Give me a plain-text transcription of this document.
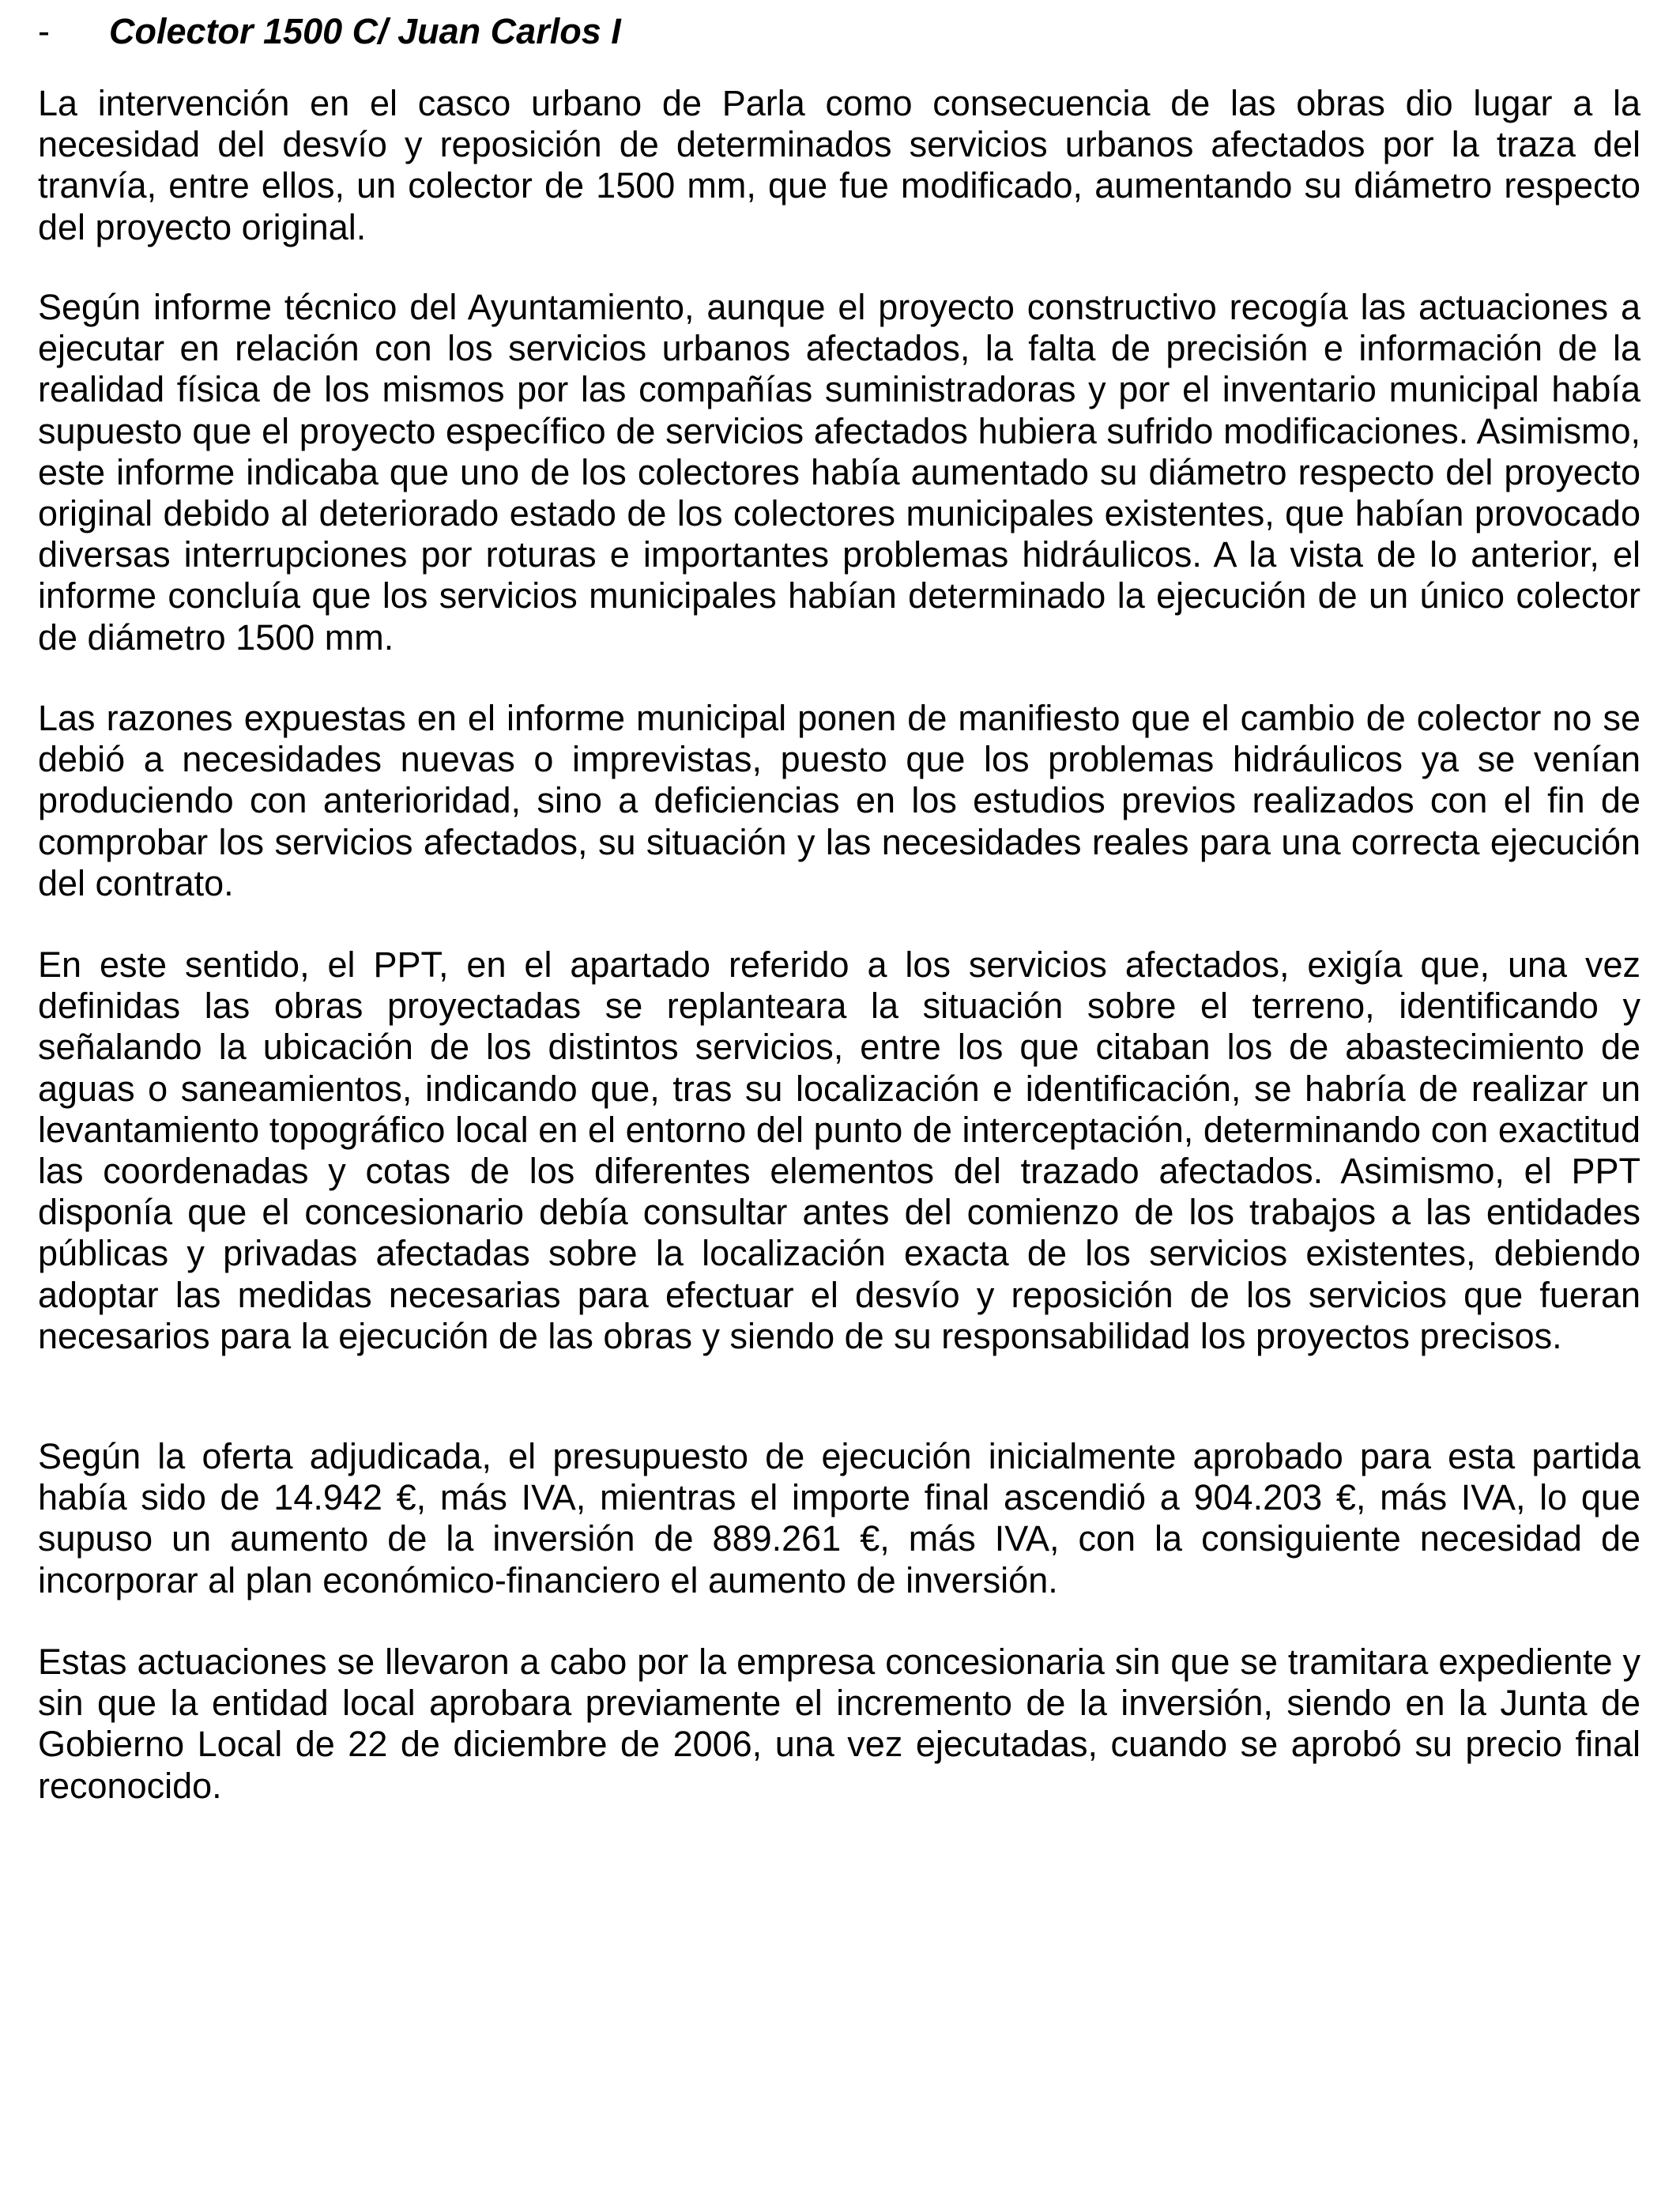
- Colector 1500 C/ Juan Carlos I

La intervención en el casco urbano de Parla como consecuencia de las obras dio lugar a la necesidad del desvío y reposición de determinados servicios urbanos afectados por la traza del tranvía, entre ellos, un colector de 1500 mm, que fue modificado, aumentando su diámetro respecto del proyecto original.

Según informe técnico del Ayuntamiento, aunque el proyecto constructivo recogía las actuaciones a ejecutar en relación con los servicios urbanos afectados, la falta de precisión e información de la realidad física de los mismos por las compañías suministradoras y por el inventario municipal había supuesto que el proyecto específico de servicios afectados hubiera sufrido modificaciones. Asimismo, este informe indicaba que uno de los colectores había aumentado su diámetro respecto del proyecto original debido al deteriorado estado de los colectores municipales existentes, que habían provocado diversas interrupciones por roturas e importantes problemas hidráulicos. A la vista de lo anterior, el informe concluía que los servicios municipales habían determinado la ejecución de un único colector de diámetro 1500 mm.

Las razones expuestas en el informe municipal ponen de manifiesto que el cambio de colector no se debió a necesidades nuevas o imprevistas, puesto que los problemas hidráulicos ya se venían produciendo con anterioridad, sino a deficiencias en los estudios previos realizados con el fin de comprobar los servicios afectados, su situación y las necesidades reales para una correcta ejecución del contrato.

En este sentido, el PPT, en el apartado referido a los servicios afectados, exigía que, una vez definidas las obras proyectadas se replanteara la situación sobre el terreno, identificando y señalando la ubicación de los distintos servicios, entre los que citaban los de abastecimiento de aguas o saneamientos, indicando que, tras su localización e identificación, se habría de realizar un levantamiento topográfico local en el entorno del punto de interceptación, determinando con exactitud las coordenadas y cotas de los diferentes elementos del trazado afectados. Asimismo, el PPT disponía que el concesionario debía consultar antes del comienzo de los trabajos a las entidades públicas y privadas afectadas sobre la localización exacta de los servicios existentes, debiendo adoptar las medidas necesarias para efectuar el desvío y reposición de los servicios que fueran necesarios para la ejecución de las obras y siendo de su responsabilidad los proyectos precisos.

Según la oferta adjudicada, el presupuesto de ejecución inicialmente aprobado para esta partida había sido de 14.942 €, más IVA, mientras el importe final ascendió a 904.203 €, más IVA, lo que supuso un aumento de la inversión de 889.261 €, más IVA, con la consiguiente necesidad de incorporar al plan económico-financiero el aumento de inversión.

Estas actuaciones se llevaron a cabo por la empresa concesionaria sin que se tramitara expediente y sin que la entidad local aprobara previamente el incremento de la inversión, siendo en la Junta de Gobierno Local de 22 de diciembre de 2006, una vez ejecutadas, cuando se aprobó su precio final reconocido.
